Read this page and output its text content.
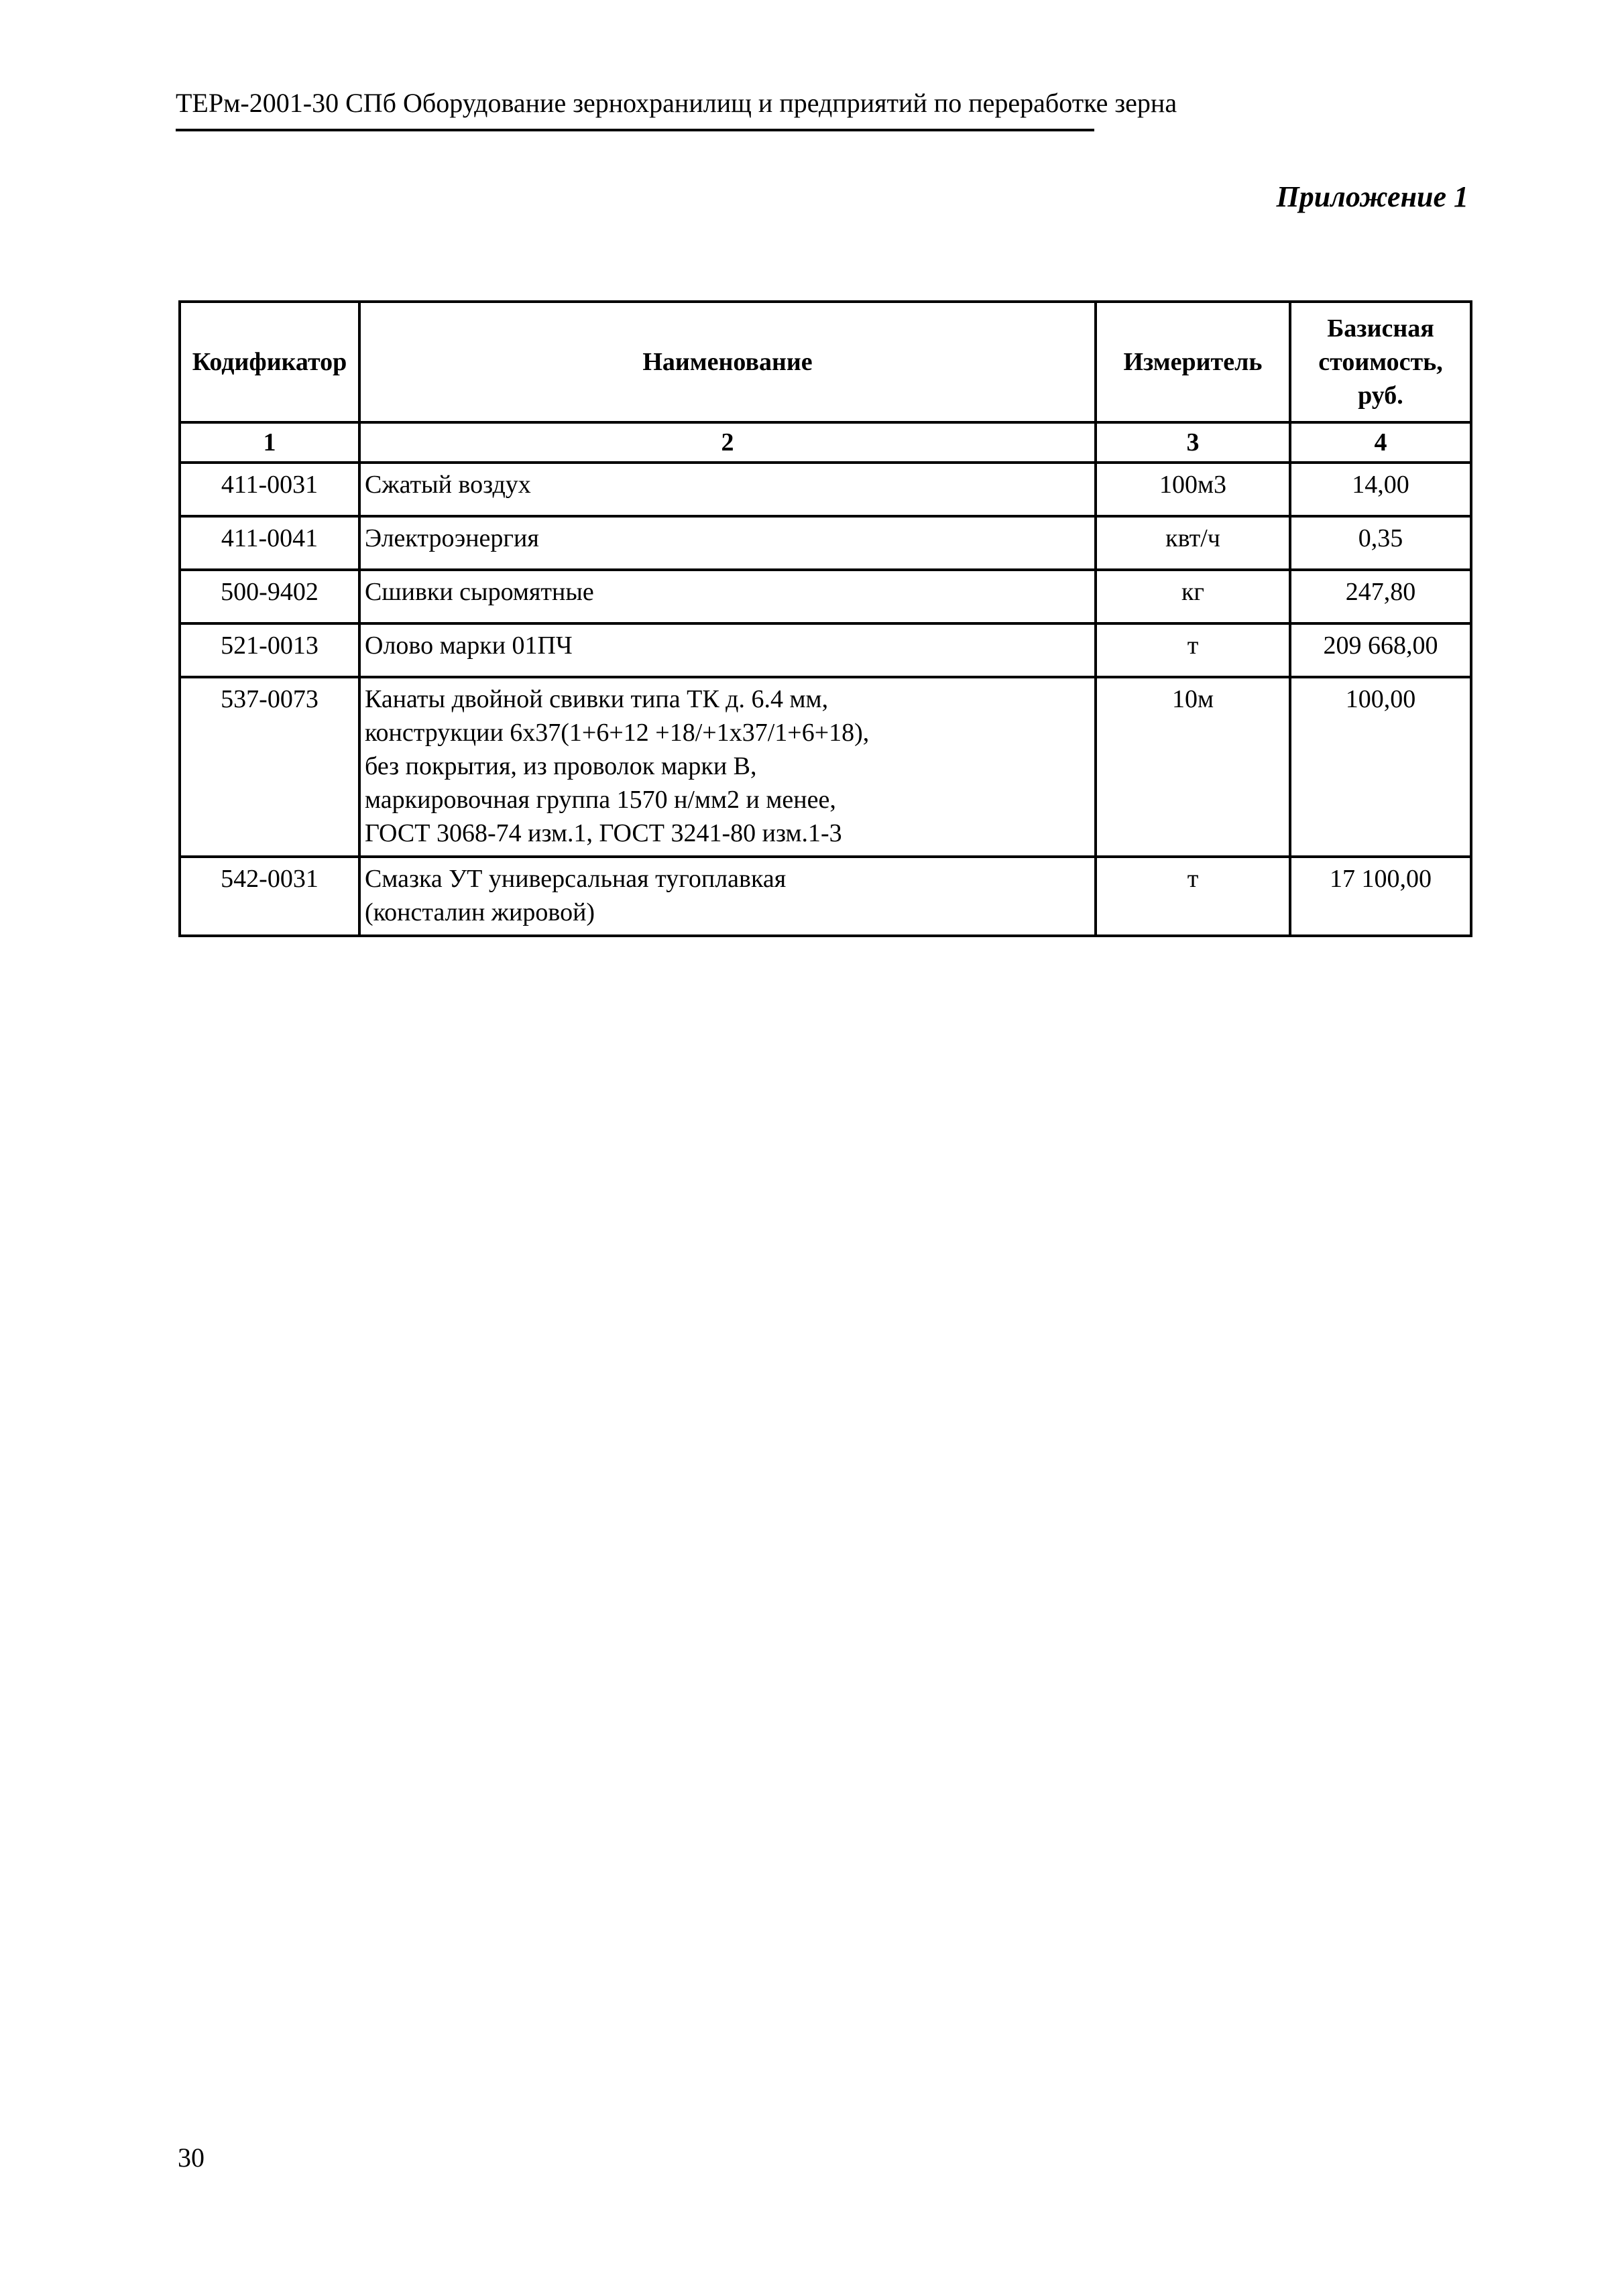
ТЕРм-2001-30 СПб Оборудование зернохранилищ и предприятий по переработке зерна
Приложение 1
Кодификатор	Наименование	Измеритель	Базисная стоимость, руб.
1	2	3	4
411-0031	Сжатый воздух	100м3	14,00
411-0041	Электроэнергия	квт/ч	0,35
500-9402	Сшивки сыромятные	кг	247,80
521-0013	Олово марки 01ПЧ	т	209 668,00
537-0073	Канаты двойной свивки типа ТК д. 6.4 мм,
конструкции 6х37(1+6+12 +18/+1х37/1+6+18),
без покрытия, из проволок марки В,
маркировочная группа 1570 н/мм2 и менее,
ГОСТ 3068-74 изм.1, ГОСТ 3241-80 изм.1-3	10м	100,00
542-0031	Смазка УТ универсальная тугоплавкая
(консталин жировой)	т	17 100,00
30
